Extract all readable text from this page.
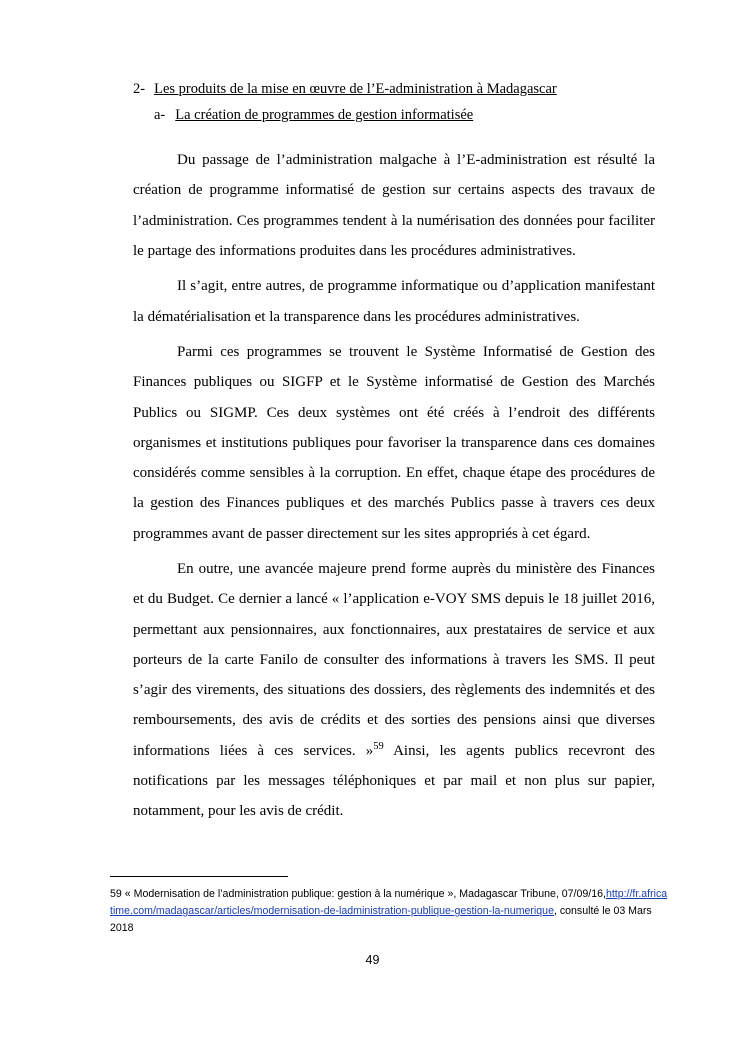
2- Les produits de la mise en œuvre de l’E-administration à Madagascar
a- La création de programmes de gestion informatisée

Du passage de l’administration malgache à l’E-administration est résulté la création de programme informatisé de gestion sur certains aspects des travaux de l’administration. Ces programmes tendent à la numérisation des données pour faciliter le partage des informations produites dans les procédures administratives.

Il s’agit, entre autres, de programme informatique ou d’application manifestant la dématérialisation et la transparence dans les procédures administratives.

Parmi ces programmes se trouvent le Système Informatisé de Gestion des Finances publiques ou SIGFP et le Système informatisé de Gestion des Marchés Publics ou SIGMP. Ces deux systèmes ont été créés à l’endroit des différents organismes et institutions publiques pour favoriser la transparence dans ces domaines considérés comme sensibles à la corruption. En effet, chaque étape des procédures de la gestion des Finances publiques et des marchés Publics passe à travers ces deux programmes avant de passer directement sur les sites appropriés à cet égard.

En outre, une avancée majeure prend forme auprès du ministère des Finances et du Budget. Ce dernier a lancé « l’application e-VOY SMS depuis le 18 juillet 2016, permettant aux pensionnaires, aux fonctionnaires, aux prestataires de service et aux porteurs de la carte Fanilo de consulter des informations à travers les SMS. Il peut s’agir des virements, des situations des dossiers, des règlements des indemnités et des remboursements, des avis de crédits et des sorties des pensions ainsi que diverses informations liées à ces services. »$^{59}$ Ainsi, les agents publics recevront des notifications par les messages téléphoniques et par mail et non plus sur papier, notamment, pour les avis de crédit.

59 « Modernisation de l’administration publique: gestion à la numérique », Madagascar Tribune, 07/09/16,http://fr.africatime.com/madagascar/articles/modernisation-de-ladministration-publique-gestion-la-numerique, consulté le 03 Mars 2018
49
